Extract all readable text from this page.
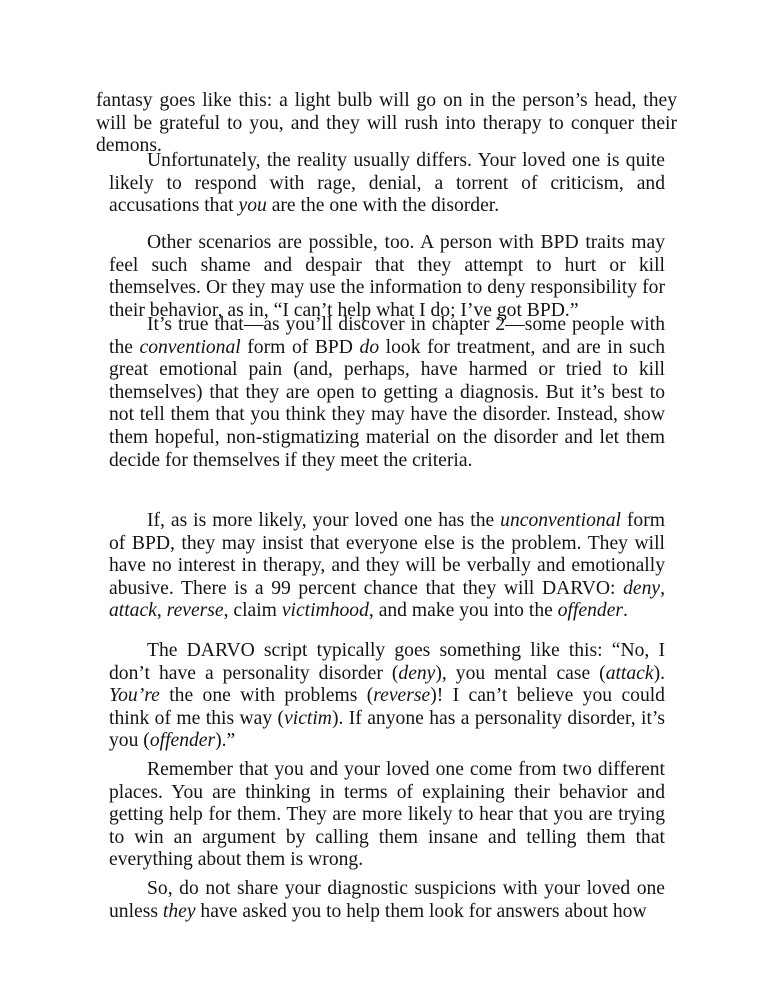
fantasy goes like this: a light bulb will go on in the person’s head, they will be grateful to you, and they will rush into therapy to conquer their demons.

Unfortunately, the reality usually differs. Your loved one is quite likely to respond with rage, denial, a torrent of criticism, and accusations that you are the one with the disorder.

Other scenarios are possible, too. A person with BPD traits may feel such shame and despair that they attempt to hurt or kill themselves. Or they may use the information to deny responsibility for their behavior, as in, “I can’t help what I do; I’ve got BPD.”

It’s true that—as you’ll discover in chapter 2—some people with the conventional form of BPD do look for treatment, and are in such great emotional pain (and, perhaps, have harmed or tried to kill themselves) that they are open to getting a diagnosis. But it’s best to not tell them that you think they may have the disorder. Instead, show them hopeful, non-stigmatizing material on the disorder and let them decide for themselves if they meet the criteria.

If, as is more likely, your loved one has the unconventional form of BPD, they may insist that everyone else is the problem. They will have no interest in therapy, and they will be verbally and emotionally abusive. There is a 99 percent chance that they will DARVO: deny, attack, reverse, claim victimhood, and make you into the offender.

The DARVO script typically goes something like this: “No, I don’t have a personality disorder (deny), you mental case (attack). You’re the one with problems (reverse)! I can’t believe you could think of me this way (victim). If anyone has a personality disorder, it’s you (offender).”

Remember that you and your loved one come from two different places. You are thinking in terms of explaining their behavior and getting help for them. They are more likely to hear that you are trying to win an argument by calling them insane and telling them that everything about them is wrong.

So, do not share your diagnostic suspicions with your loved one unless they have asked you to help them look for answers about how
